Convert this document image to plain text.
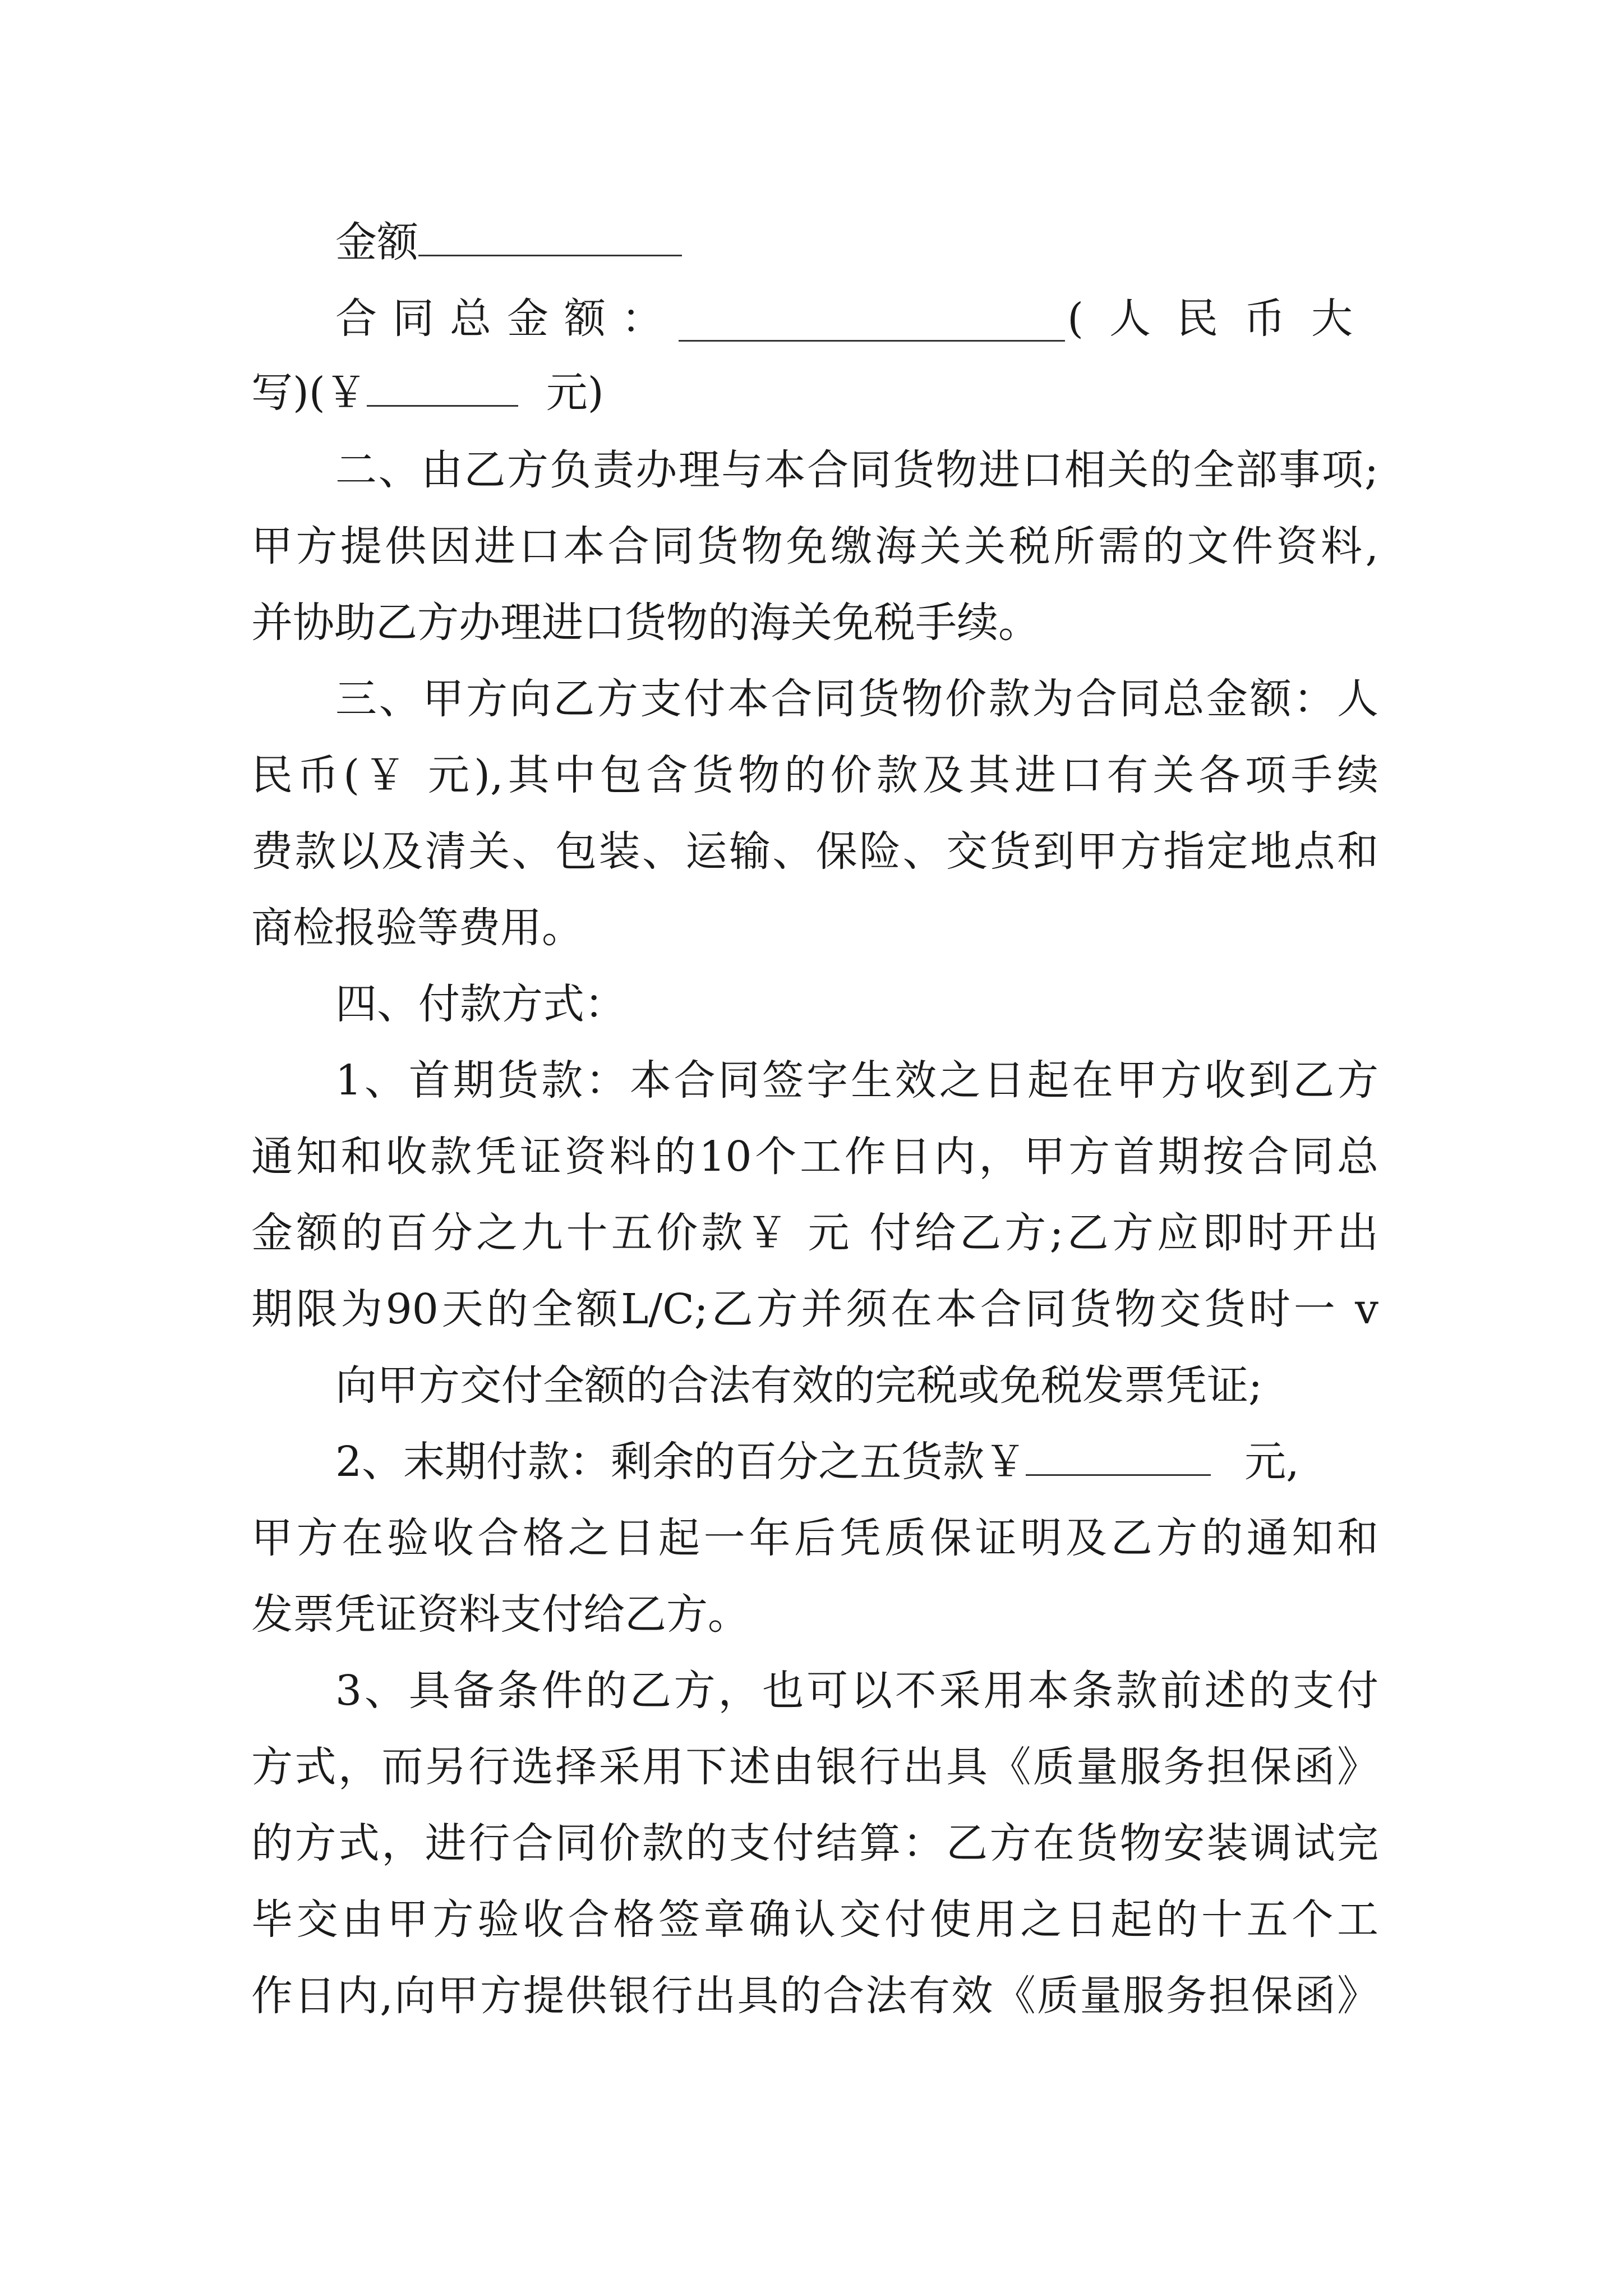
金额
合同总金额：	(人民币大
写)(￥	元)
二、由乙方负责办理与本合同货物进口相关的全部事项;
甲方提供因进口本合同货物免缴海关关税所需的文件资料,
并协助乙方办理进口货物的海关免税手续。
三、甲方向乙方支付本合同货物价款为合同总金额：人
民币(￥ 元),其中包含货物的价款及其进口有关各项手续
费款以及清关、包装、运输、保险、交货到甲方指定地点和
商检报验等费用。
四、付款方式：
1、首期货款：本合同签字生效之日起在甲方收到乙方
通知和收款凭证资料的10个工作日内，甲方首期按合同总
金额的百分之九十五价款￥ 元 付给乙方;乙方应即时开出
期限为90天的全额L/C;乙方并须在本合同货物交货时一 v
向甲方交付全额的合法有效的完税或免税发票凭证;
2、末期付款：剩余的百分之五货款￥	元,
甲方在验收合格之日起一年后凭质保证明及乙方的通知和
发票凭证资料支付给乙方。
3、具备条件的乙方，也可以不采用本条款前述的支付
方式，而另行选择采用下述由银行出具《质量服务担保函》
的方式，进行合同价款的支付结算：乙方在货物安装调试完
毕交由甲方验收合格签章确认交付使用之日起的十五个工
作日内,向甲方提供银行出具的合法有效《质量服务担保函》
